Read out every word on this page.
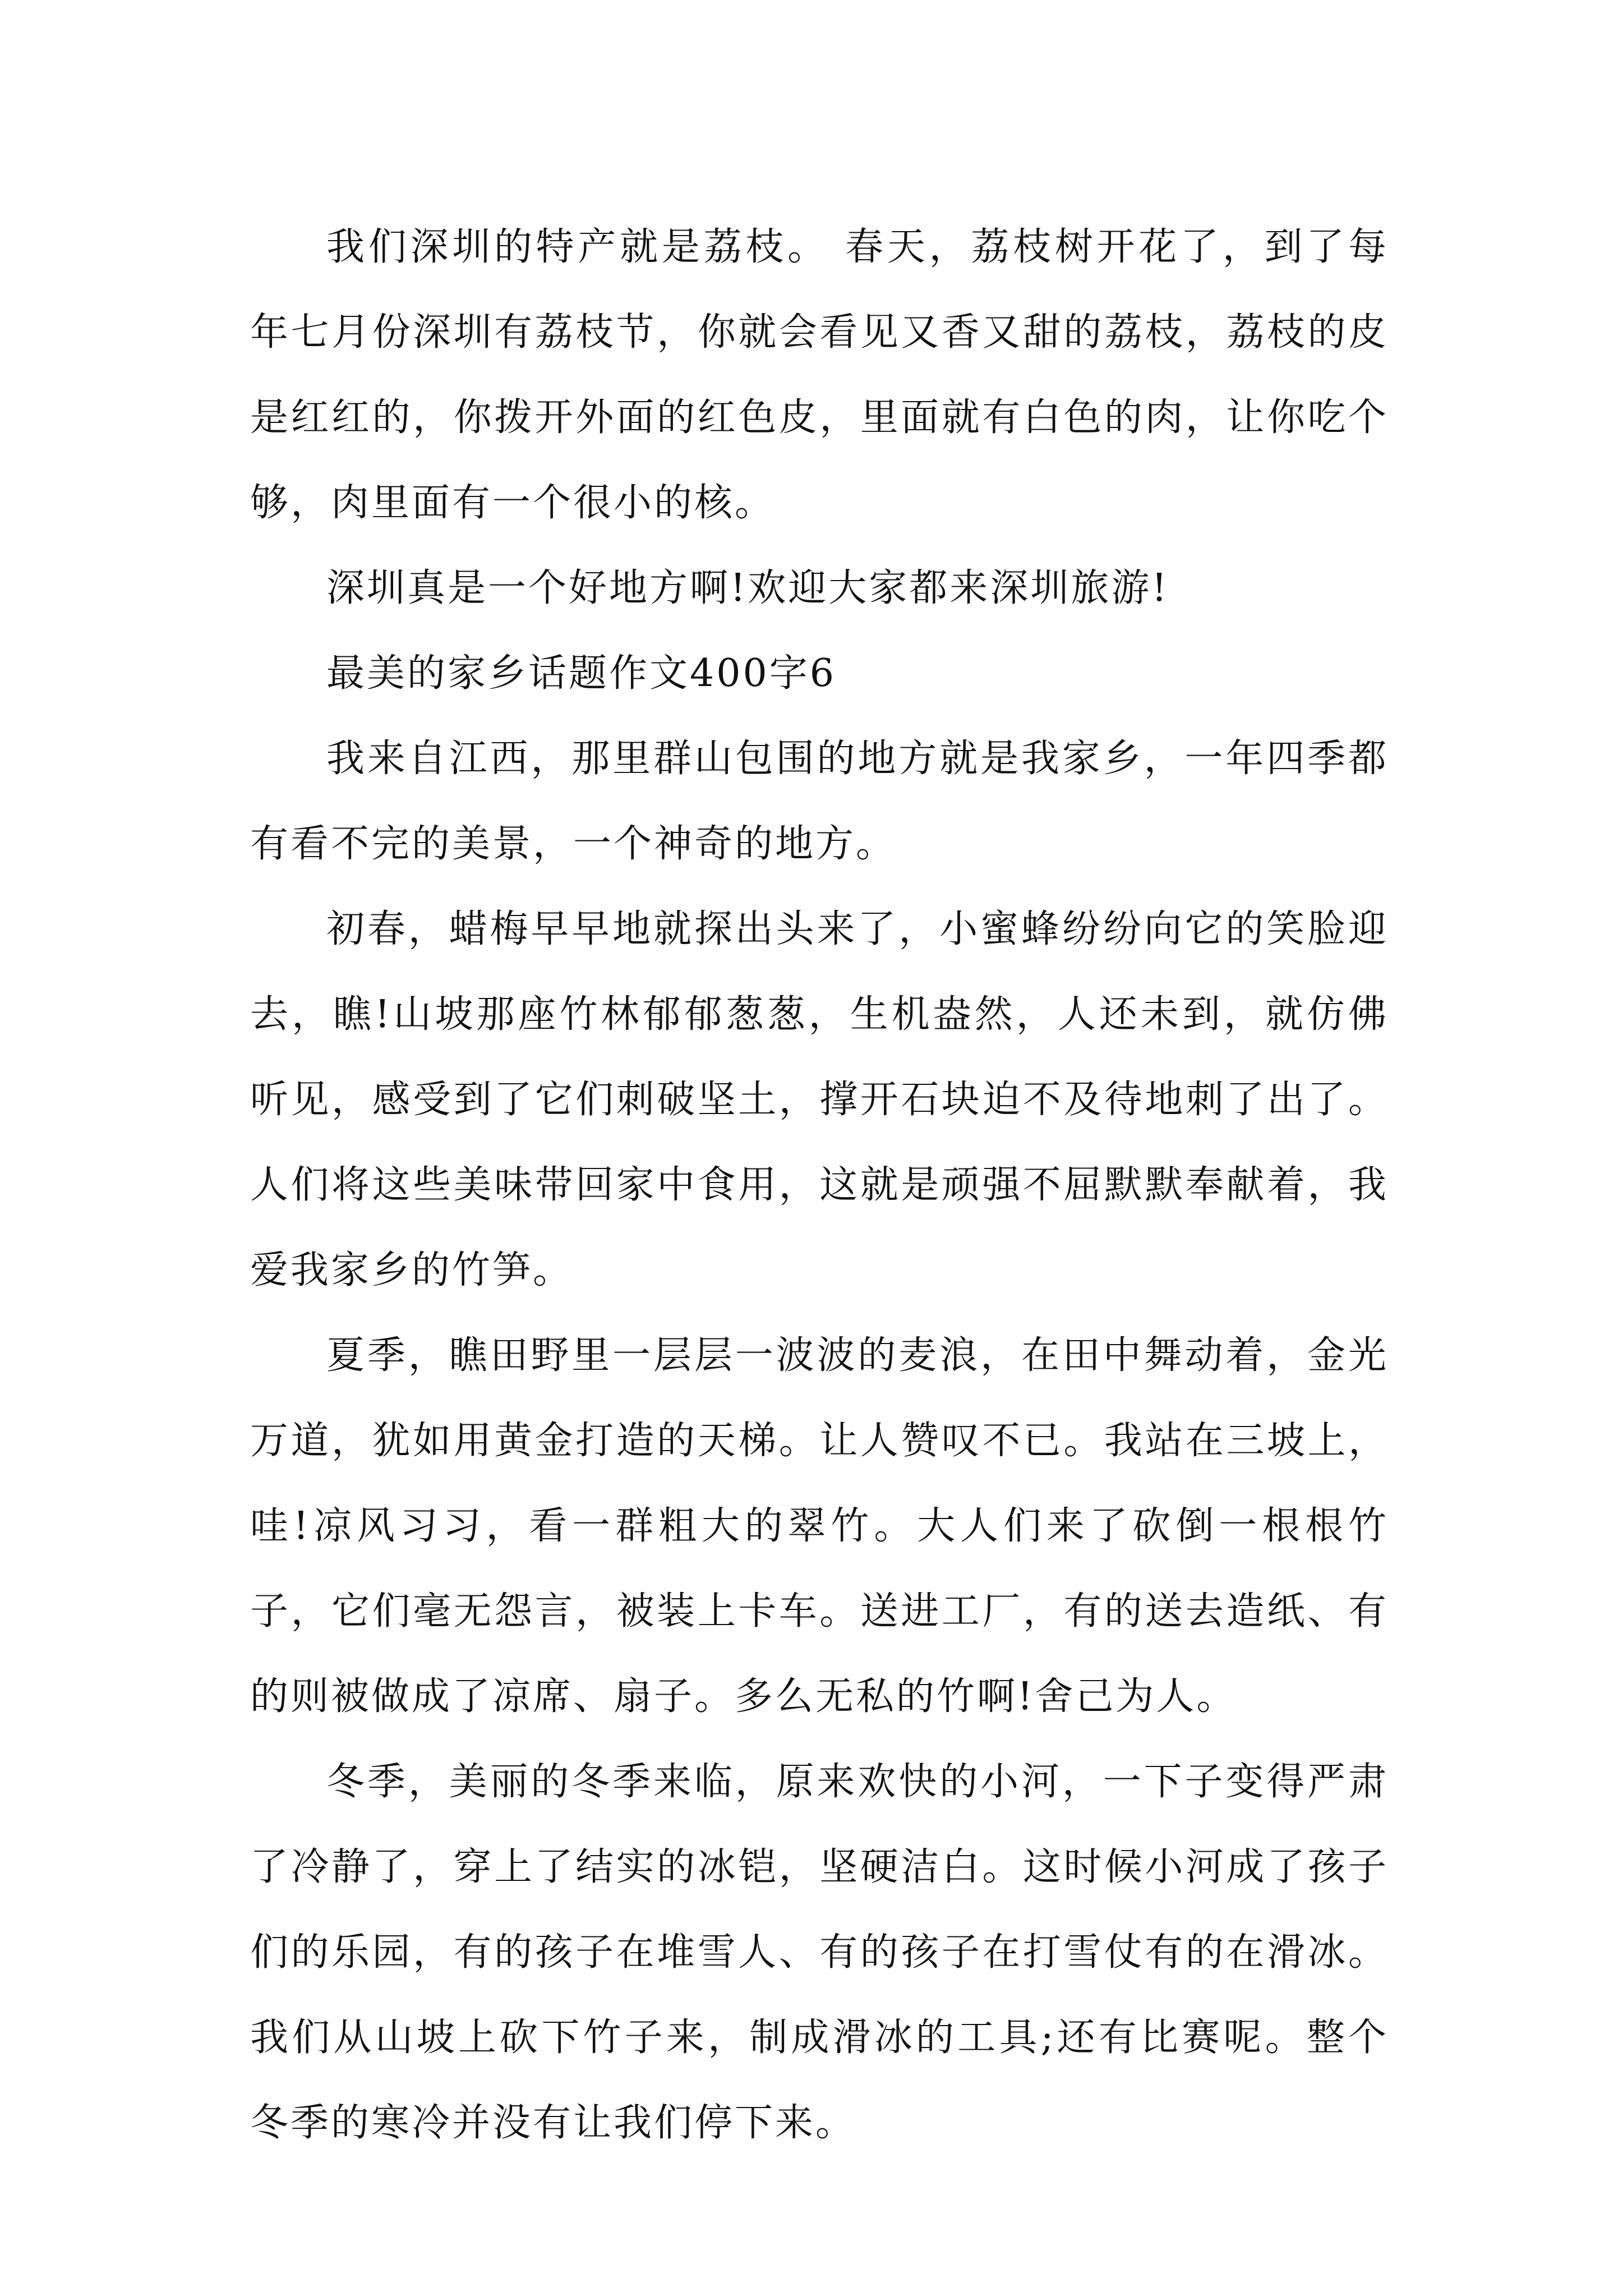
我们深圳的特产就是荔枝。 春天，荔枝树开花了，到了每年七月份深圳有荔枝节，你就会看见又香又甜的荔枝，荔枝的皮是红红的，你拨开外面的红色皮，里面就有白色的肉，让你吃个够，肉里面有一个很小的核。

深圳真是一个好地方啊!欢迎大家都来深圳旅游!

最美的家乡话题作文400字6

我来自江西，那里群山包围的地方就是我家乡，一年四季都有看不完的美景，一个神奇的地方。

初春，蜡梅早早地就探出头来了，小蜜蜂纷纷向它的笑脸迎去，瞧!山坡那座竹林郁郁葱葱，生机盎然，人还未到，就仿佛听见，感受到了它们刺破坚土，撑开石块迫不及待地刺了出了。人们将这些美味带回家中食用，这就是顽强不屈默默奉献着，我爱我家乡的竹笋。

夏季，瞧田野里一层层一波波的麦浪，在田中舞动着，金光万道，犹如用黄金打造的天梯。让人赞叹不已。我站在三坡上，哇!凉风习习，看一群粗大的翠竹。大人们来了砍倒一根根竹子，它们毫无怨言，被装上卡车。送进工厂，有的送去造纸、有的则被做成了凉席、扇子。多么无私的竹啊!舍己为人。

冬季，美丽的冬季来临，原来欢快的小河，一下子变得严肃了冷静了，穿上了结实的冰铠，坚硬洁白。这时候小河成了孩子们的乐园，有的孩子在堆雪人、有的孩子在打雪仗有的在滑冰。我们从山坡上砍下竹子来，制成滑冰的工具;还有比赛呢。整个冬季的寒冷并没有让我们停下来。
